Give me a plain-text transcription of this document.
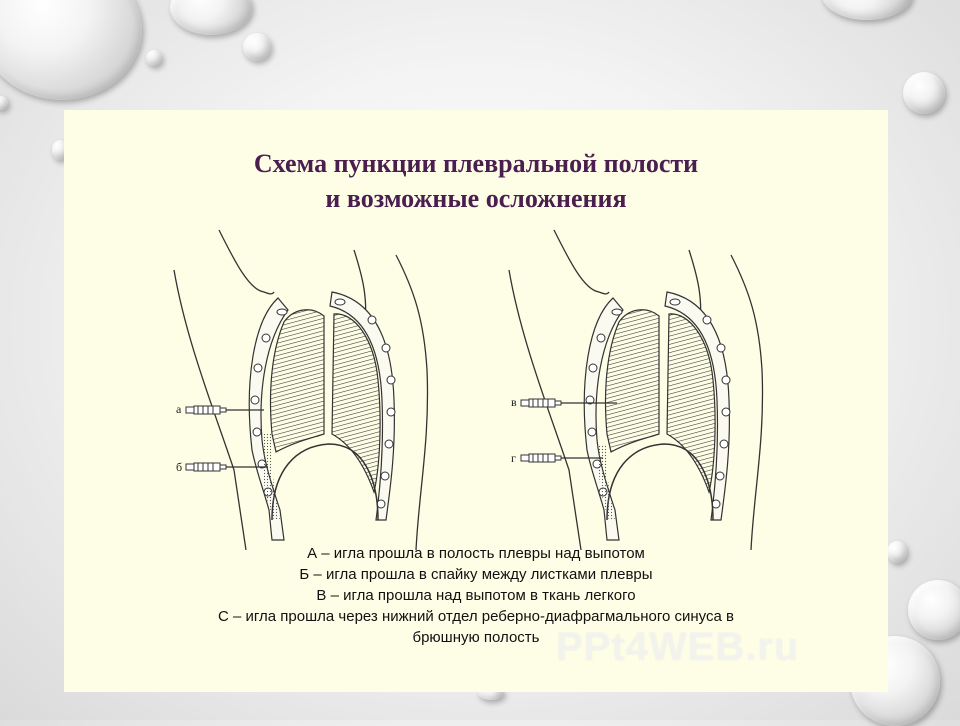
Схема пункции плевральной полости
и возможные осложнения
а
б
в
г
А – игла прошла в полость плевры над выпотом
Б – игла прошла в спайку между листками плевры
В – игла прошла над выпотом в ткань легкого
С – игла прошла через нижний отдел реберно-диафрагмального синуса в
брюшную полость PPt4WEB.ru
